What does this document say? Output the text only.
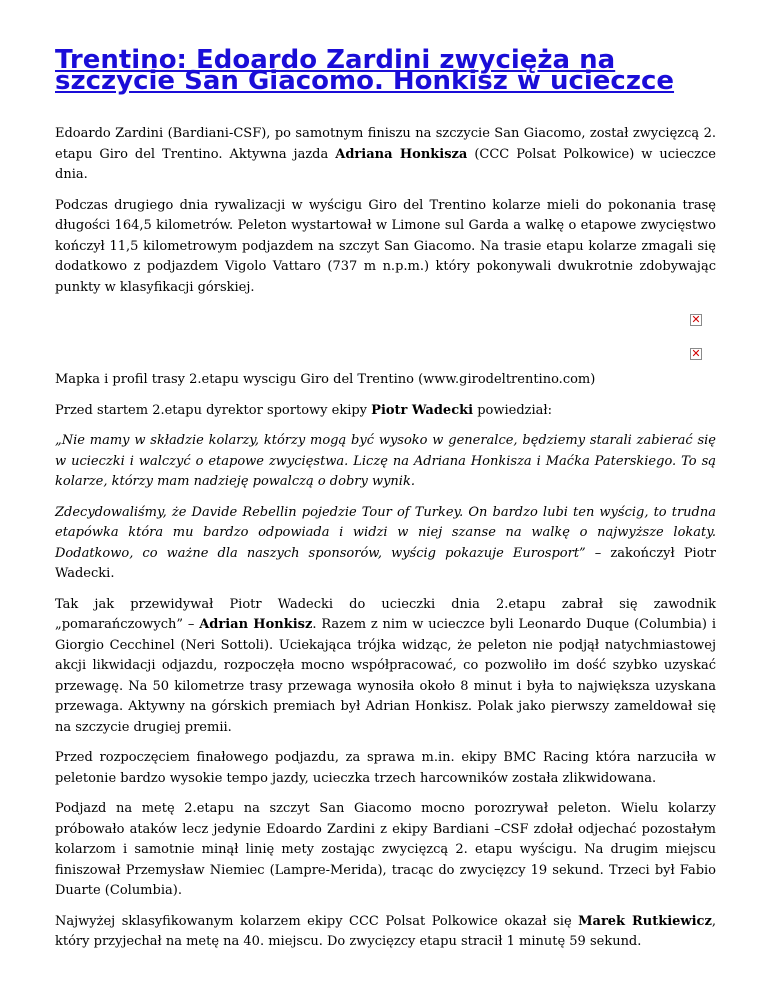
Trentino: Edoardo Zardini zwycięża na szczycie San Giacomo. Honkisz w ucieczce

Edoardo Zardini (Bardiani-CSF), po samotnym finiszu na szczycie San Giacomo, został zwycięzcą 2. etapu Giro del Trentino. Aktywna jazda Adriana Honkisza (CCC Polsat Polkowice) w ucieczce dnia.

Podczas drugiego dnia rywalizacji w wyścigu Giro del Trentino kolarze mieli do pokonania trasę długości 164,5 kilometrów. Peleton wystartował w Limone sul Garda a walkę o etapowe zwycięstwo kończył 11,5 kilometrowym podjazdem na szczyt San Giacomo. Na trasie etapu kolarze zmagali się dodatkowo z podjazdem Vigolo Vattaro (737 m n.p.m.) który pokonywali dwukrotnie zdobywając punkty w klasyfikacji górskiej.

✕
✕

Mapka i profil trasy 2.etapu wyscigu Giro del Trentino (www.girodeltrentino.com)

Przed startem 2.etapu dyrektor sportowy ekipy Piotr Wadecki powiedział:

„Nie mamy w składzie kolarzy, którzy mogą być wysoko w generalce, będziemy starali zabierać się w ucieczki i walczyć o etapowe zwycięstwa. Liczę na Adriana Honkisza i Maćka Paterskiego. To są kolarze, którzy mam nadzieję powalczą o dobry wynik.

Zdecydowaliśmy, że Davide Rebellin pojedzie Tour of Turkey. On bardzo lubi ten wyścig, to trudna etapówka która mu bardzo odpowiada i widzi w niej szanse na walkę o najwyższe lokaty. Dodatkowo, co ważne dla naszych sponsorów, wyścig pokazuje Eurosport” – zakończył Piotr Wadecki.

Tak jak przewidywał Piotr Wadecki do ucieczki dnia 2.etapu zabrał się zawodnik „pomarańczowych” – Adrian Honkisz. Razem z nim w ucieczce byli Leonardo Duque (Columbia) i Giorgio Cecchinel (Neri Sottoli). Uciekająca trójka widząc, że peleton nie podjął natychmiastowej akcji likwidacji odjazdu, rozpoczęła mocno współpracować, co pozwoliło im dość szybko uzyskać przewagę. Na 50 kilometrze trasy przewaga wynosiła około 8 minut i była to największa uzyskana przewaga. Aktywny na górskich premiach był Adrian Honkisz. Polak jako pierwszy zameldował się na szczycie drugiej premii.

Przed rozpoczęciem finałowego podjazdu, za sprawa m.in. ekipy BMC Racing która narzuciła w peletonie bardzo wysokie tempo jazdy, ucieczka trzech harcowników została zlikwidowana.

Podjazd na metę 2.etapu na szczyt San Giacomo mocno porozrywał peleton. Wielu kolarzy próbowało ataków lecz jedynie Edoardo Zardini z ekipy Bardiani –CSF zdołał odjechać pozostałym kolarzom i samotnie minął linię mety zostając zwycięzcą 2. etapu wyścigu. Na drugim miejscu finiszował Przemysław Niemiec (Lampre-Merida), tracąc do zwycięzcy 19 sekund. Trzeci był Fabio Duarte (Columbia).

Najwyżej sklasyfikowanym kolarzem ekipy CCC Polsat Polkowice okazał się Marek Rutkiewicz, który przyjechał na metę na 40. miejscu. Do zwycięzcy etapu stracił 1 minutę 59 sekund.
